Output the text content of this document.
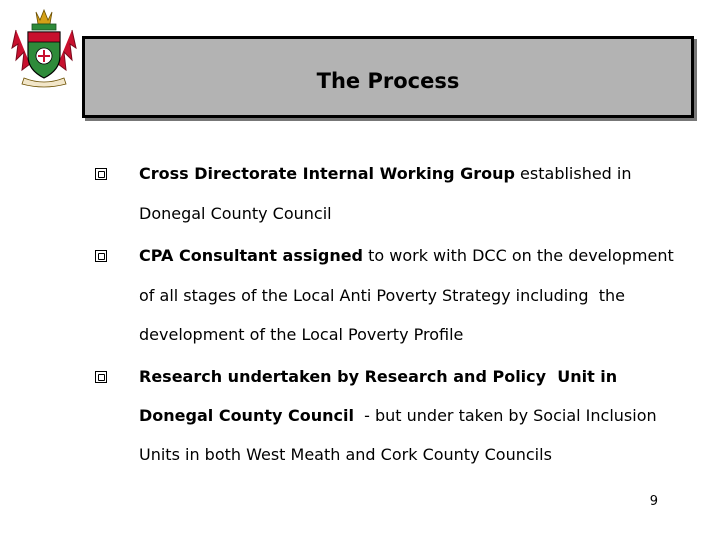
The Process
Cross Directorate Internal Working Group established in
Donegal County Council
CPA Consultant assigned to work with DCC on the development
of all stages of the Local Anti Poverty Strategy including  the
development of the Local Poverty Profile
Research undertaken by Research and Policy  Unit in
Donegal County Council  - but under taken by Social Inclusion
Units in both West Meath and Cork County Councils
9
